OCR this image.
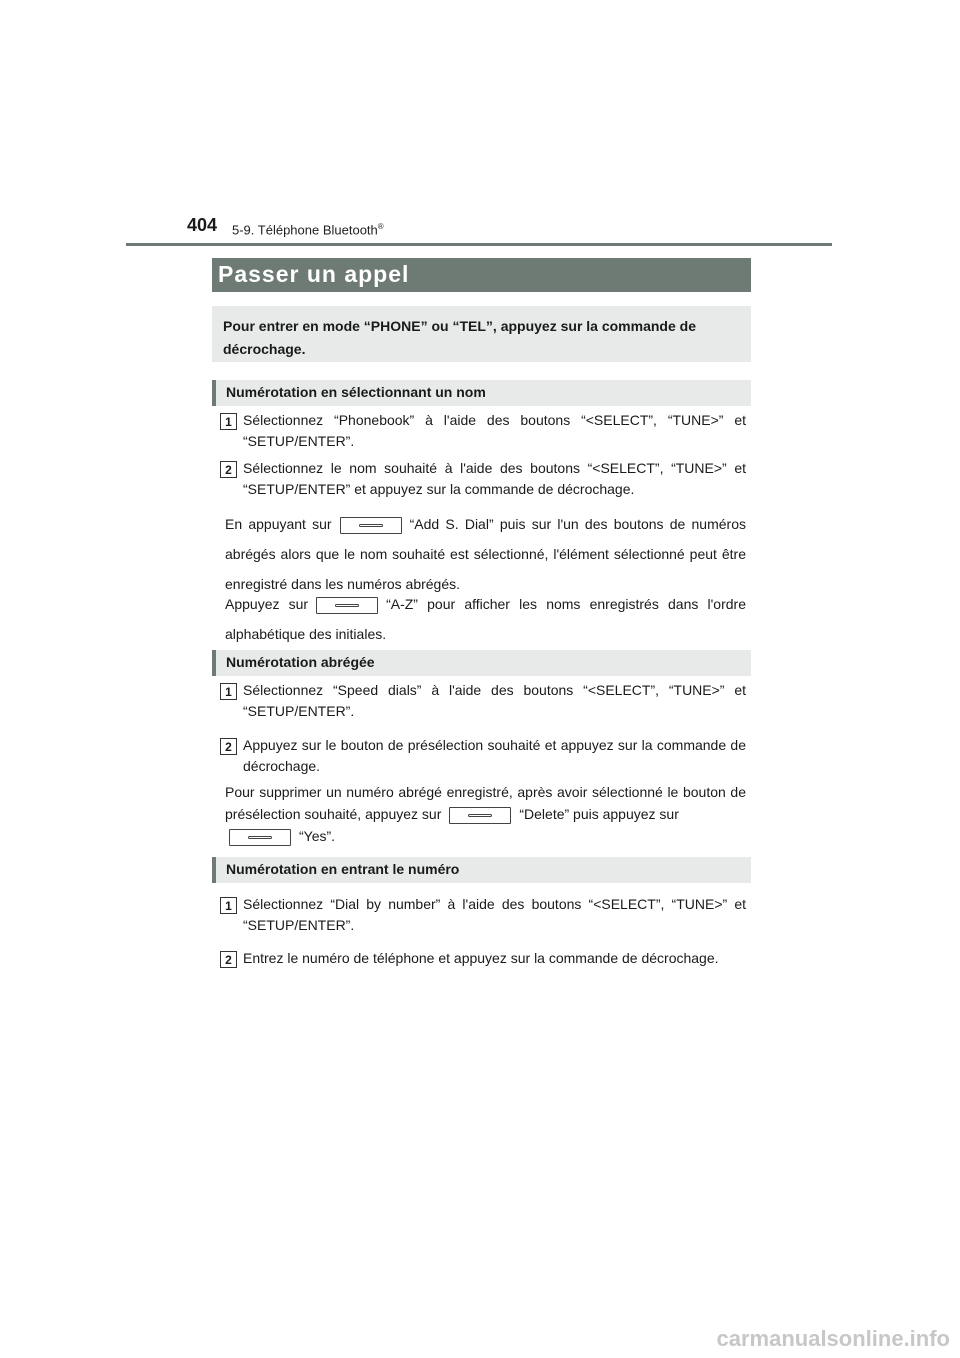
404 5-9. Téléphone Bluetooth®
Passer un appel

Pour entrer en mode “PHONE” ou “TEL”, appuyez sur la commande de décrochage.

Numérotation en sélectionnant un nom
1 Sélectionnez “Phonebook” à l'aide des boutons “<SELECT”, “TUNE>” et “SETUP/ENTER”.
2 Sélectionnez le nom souhaité à l'aide des boutons “<SELECT”, “TUNE>” et “SETUP/ENTER” et appuyez sur la commande de décrochage.
En appuyant sur	“Add S. Dial” puis sur l'un des boutons de numéros abrégés alors que le nom souhaité est sélectionné, l'élément sélectionné peut être enregistré dans les numéros abrégés.
Appuyez sur	“A-Z” pour afficher les noms enregistrés dans l'ordre alphabétique des initiales.
Numérotation abrégée
1 Sélectionnez “Speed dials” à l'aide des boutons “<SELECT”, “TUNE>” et “SETUP/ENTER”.
2 Appuyez sur le bouton de présélection souhaité et appuyez sur la commande de décrochage.
Pour supprimer un numéro abrégé enregistré, après avoir sélectionné le bouton de présélection souhaité, appuyez sur	“Delete” puis appuyez sur
“Yes”.
Numérotation en entrant le numéro
1 Sélectionnez “Dial by number” à l'aide des boutons “<SELECT”, “TUNE>” et “SETUP/ENTER”.
2 Entrez le numéro de téléphone et appuyez sur la commande de décrochage.
carmanualsonline.info
